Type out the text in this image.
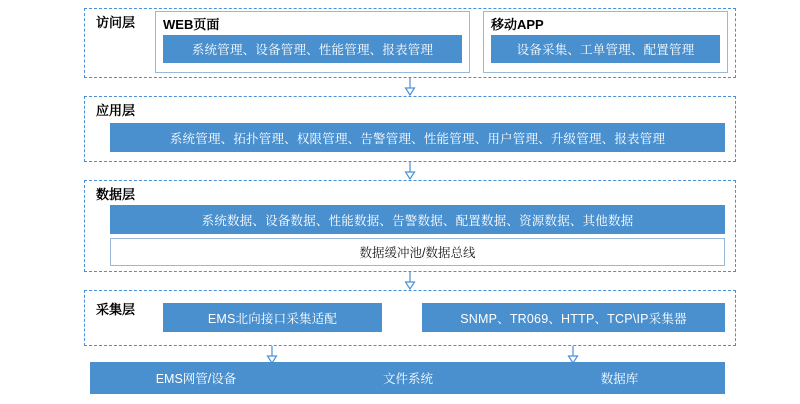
访问层 WEB页面
系统管理、设备管理、性能管理、报表管理
移动APP
设备采集、工单管理、配置管理
应用层
系统管理、拓扑管理、权限管理、告警管理、性能管理、用户管理、升级管理、报表管理
数据层
系统数据、设备数据、性能数据、告警数据、配置数据、资源数据、其他数据
数据缓冲池/数据总线
采集层
EMS北向接口采集适配	SNMP、TR069、HTTP、TCP\IP采集器
EMS网管/设备	文件系统	数据库
